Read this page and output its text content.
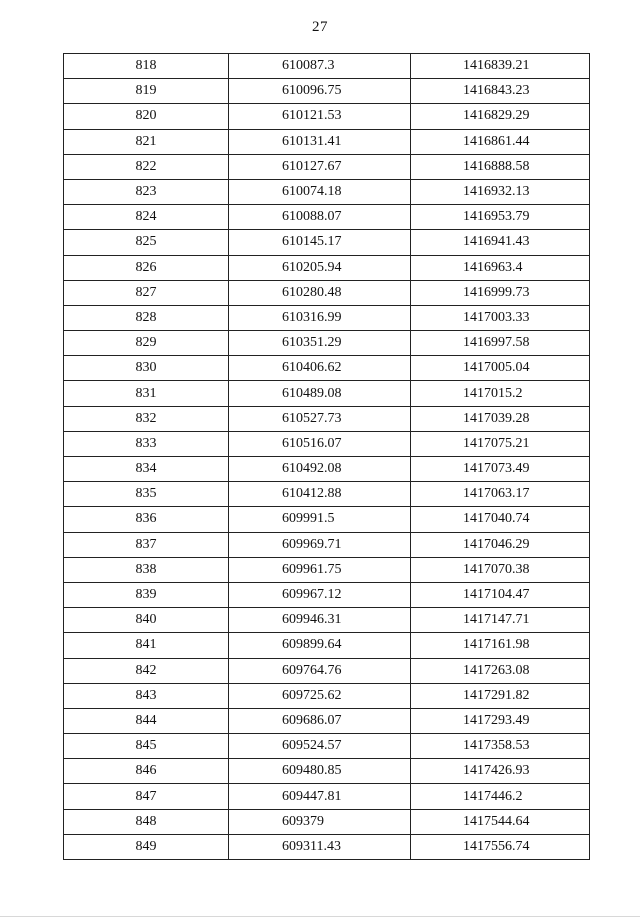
27
818	610087.3	1416839.21
819	610096.75	1416843.23
820	610121.53	1416829.29
821	610131.41	1416861.44
822	610127.67	1416888.58
823	610074.18	1416932.13
824	610088.07	1416953.79
825	610145.17	1416941.43
826	610205.94	1416963.4
827	610280.48	1416999.73
828	610316.99	1417003.33
829	610351.29	1416997.58
830	610406.62	1417005.04
831	610489.08	1417015.2
832	610527.73	1417039.28
833	610516.07	1417075.21
834	610492.08	1417073.49
835	610412.88	1417063.17
836	609991.5	1417040.74
837	609969.71	1417046.29
838	609961.75	1417070.38
839	609967.12	1417104.47
840	609946.31	1417147.71
841	609899.64	1417161.98
842	609764.76	1417263.08
843	609725.62	1417291.82
844	609686.07	1417293.49
845	609524.57	1417358.53
846	609480.85	1417426.93
847	609447.81	1417446.2
848	609379	1417544.64
849	609311.43	1417556.74
